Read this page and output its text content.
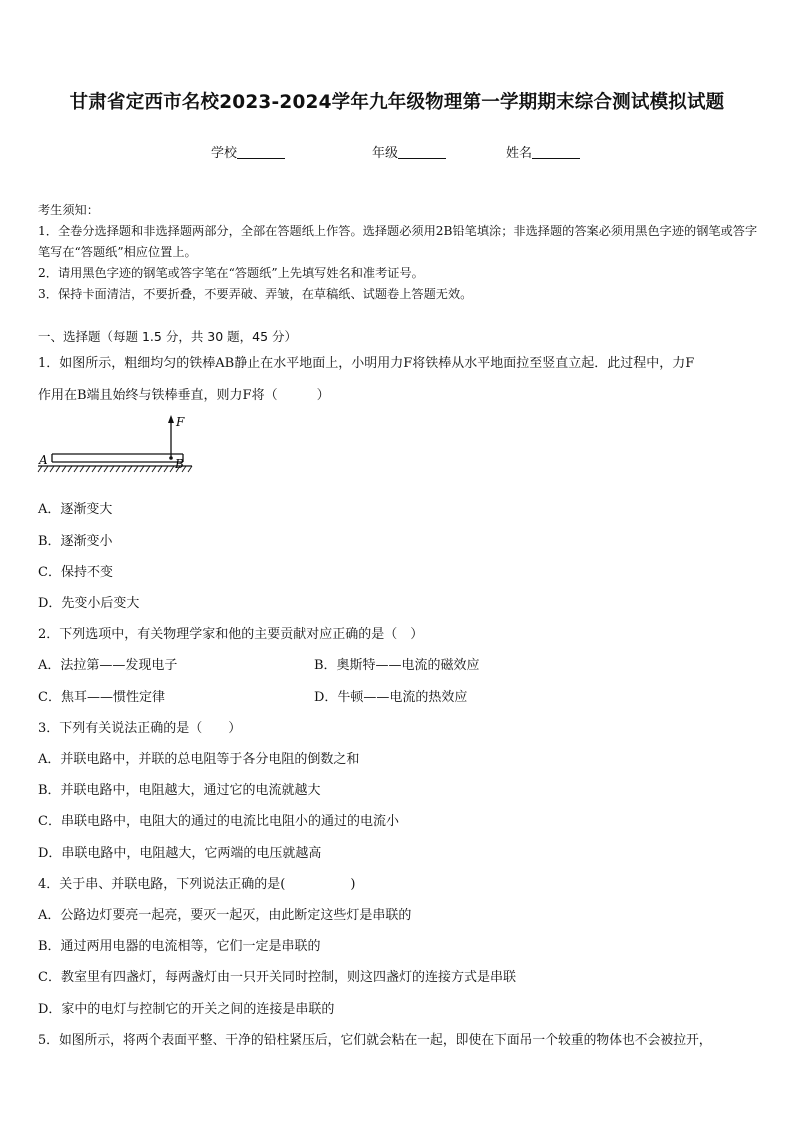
甘肃省定西市名校2023-2024学年九年级物理第一学期期末综合测试模拟试题
学校	年级	姓名
考生须知：
1．全卷分选择题和非选择题两部分，全部在答题纸上作答。选择题必须用2B铅笔填涂；非选择题的答案必须用黑色字迹的钢笔或答字笔写在“答题纸”相应位置上。
2．请用黑色字迹的钢笔或答字笔在“答题纸”上先填写姓名和准考证号。
3．保持卡面清洁，不要折叠，不要弄破、弄皱，在草稿纸、试题卷上答题无效。
一、选择题（每题 1.5 分，共 30 题，45 分）
1．如图所示，粗细均匀的铁棒AB静止在水平地面上，小明用力F将铁棒从水平地面拉至竖直立起．此过程中，力F
作用在B端且始终与铁棒垂直，则力F将（　　　）
A	B
F
A．逐渐变大
B．逐渐变小
C．保持不变
D．先变小后变大
2．下列选项中，有关物理学家和他的主要贡献对应正确的是（　）
A．法拉第——发现电子	B．奥斯特——电流的磁效应
C．焦耳——惯性定律	D．牛顿——电流的热效应
3．下列有关说法正确的是（　　）
A．并联电路中，并联的总电阻等于各分电阻的倒数之和
B．并联电路中，电阻越大，通过它的电流就越大
C．串联电路中，电阻大的通过的电流比电阻小的通过的电流小
D．串联电路中，电阻越大，它两端的电压就越高
4．关于串、并联电路，下列说法正确的是(　　　　　)
A．公路边灯要亮一起亮，要灭一起灭，由此断定这些灯是串联的
B．通过两用电器的电流相等，它们一定是串联的
C．教室里有四盏灯，每两盏灯由一只开关同时控制，则这四盏灯的连接方式是串联
D．家中的电灯与控制它的开关之间的连接是串联的
5．如图所示，将两个表面平整、干净的铅柱紧压后，它们就会粘在一起，即使在下面吊一个较重的物体也不会被拉开，
